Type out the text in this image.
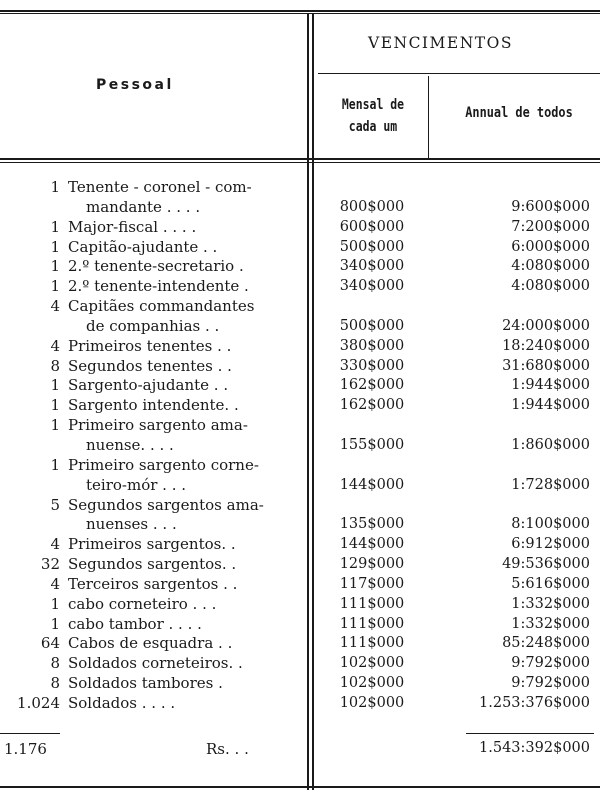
Pessoal
VENCIMENTOS
Mensal de
cada um
Annual de todos
1 Tenente - coronel - com-
mandante . . . .	800$000	9:600$000
1 Major-fiscal . . . .	600$000	7:200$000
1 Capitão-ajudante . .	500$000	6:000$000
1 2.º tenente-secretario .	340$000	4:080$000
1 2.º tenente-intendente .	340$000	4:080$000
4 Capitães commandantes
de companhias . .	500$000	24:000$000
4 Primeiros tenentes . .	380$000	18:240$000
8 Segundos tenentes . .	330$000	31:680$000
1 Sargento-ajudante . .	162$000	1:944$000
1 Sargento intendente. .	162$000	1:944$000
1 Primeiro sargento ama-
nuense. . . .	155$000	1:860$000
1 Primeiro sargento corne-
teiro-mór . . .	144$000	1:728$000
5 Segundos sargentos ama-
nuenses . . .	135$000	8:100$000
4 Primeiros sargentos. .	144$000	6:912$000
32 Segundos sargentos. .	129$000	49:536$000
4 Terceiros sargentos . .	117$000	5:616$000
1 cabo corneteiro . . .	111$000	1:332$000
1 cabo tambor . . . .	111$000	1:332$000
64 Cabos de esquadra . .	111$000	85:248$000
8 Soldados corneteiros. .	102$000	9:792$000
8 Soldados tambores .	102$000	9:792$000
1.024 Soldados . . . .	102$000	1.253:376$000
1.176	Rs. . .	1.543:392$000
